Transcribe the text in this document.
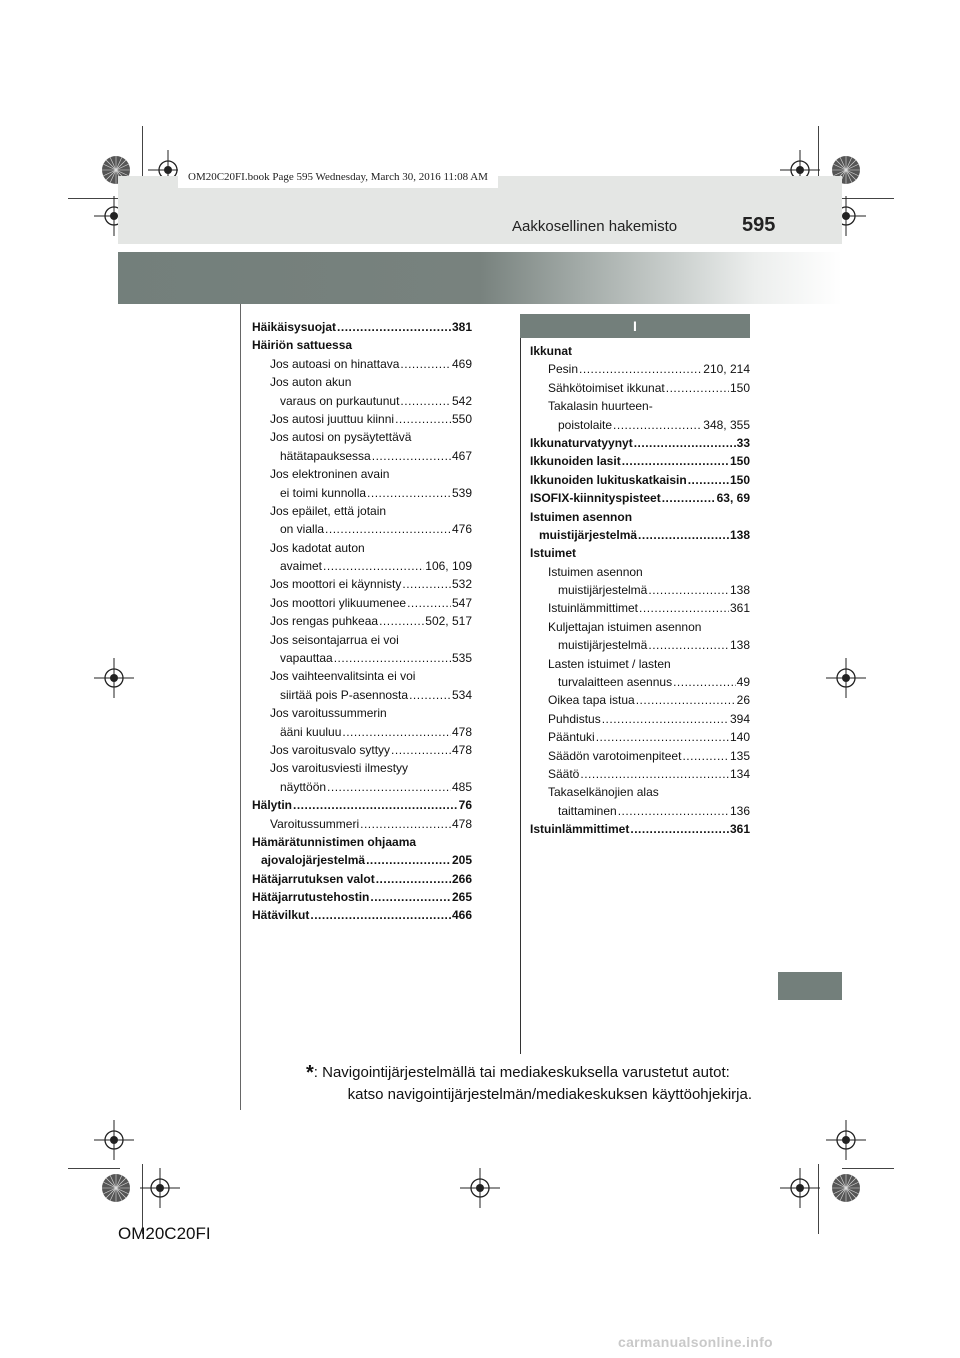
OM20C20FI.book Page 595 Wednesday, March 30, 2016 11:08 AM
Aakkosellinen hakemisto	595
Häikäisysuojat .....	381
Häiriön sattuessa
Jos autoasi on hinattava .....	469
Jos auton akun
varaus on purkautunut .....	542
Jos autosi juuttuu kiinni .....	550
Jos autosi on pysäytettävä
hätätapauksessa .....	467
Jos elektroninen avain
ei toimi kunnolla .....	539
Jos epäilet, että jotain
on vialla .....	476
Jos kadotat auton
avaimet .....	106, 109
Jos moottori ei käynnisty .....	532
Jos moottori ylikuumenee .....	547
Jos rengas puhkeaa .....	502, 517
Jos seisontajarrua ei voi
vapauttaa .....	535
Jos vaihteenvalitsinta ei voi
siirtää pois P-asennosta .....	534
Jos varoitussummerin
ääni kuuluu .....	478
Jos varoitusvalo syttyy .....	478
Jos varoitusviesti ilmestyy
näyttöön .....	485
Hälytin .....	76
Varoitussummeri .....	478
Hämärätunnistimen ohjaama
ajovalojärjestelmä .....	205
Hätäjarrutuksen valot .....	266
Hätäjarrutustehostin .....	265
Hätävilkut .....	466
I
Ikkunat
Pesin .....	210, 214
Sähkötoimiset ikkunat .....	150
Takalasin huurteen-
poistolaite .....	348, 355
Ikkunaturvatyynyt .....	33
Ikkunoiden lasit .....	150
Ikkunoiden lukituskatkaisin .....	150
ISOFIX-kiinnityspisteet .....	63, 69
Istuimen asennon
muistijärjestelmä .....	138
Istuimet
Istuimen asennon
muistijärjestelmä .....	138
Istuinlämmittimet .....	361
Kuljettajan istuimen asennon
muistijärjestelmä .....	138
Lasten istuimet / lasten
turvalaitteen asennus .....	49
Oikea tapa istua .....	26
Puhdistus .....	394
Pääntuki .....	140
Säädön varotoimenpiteet .....	135
Säätö .....	134
Takaselkänojien alas
taittaminen .....	136
Istuinlämmittimet .....	361
*: Navigointijärjestelmällä tai mediakeskuksella varustetut autot:
katso navigointijärjestelmän/mediakeskuksen käyttöohjekirja.
OM20C20FI
carmanualsonline.info
